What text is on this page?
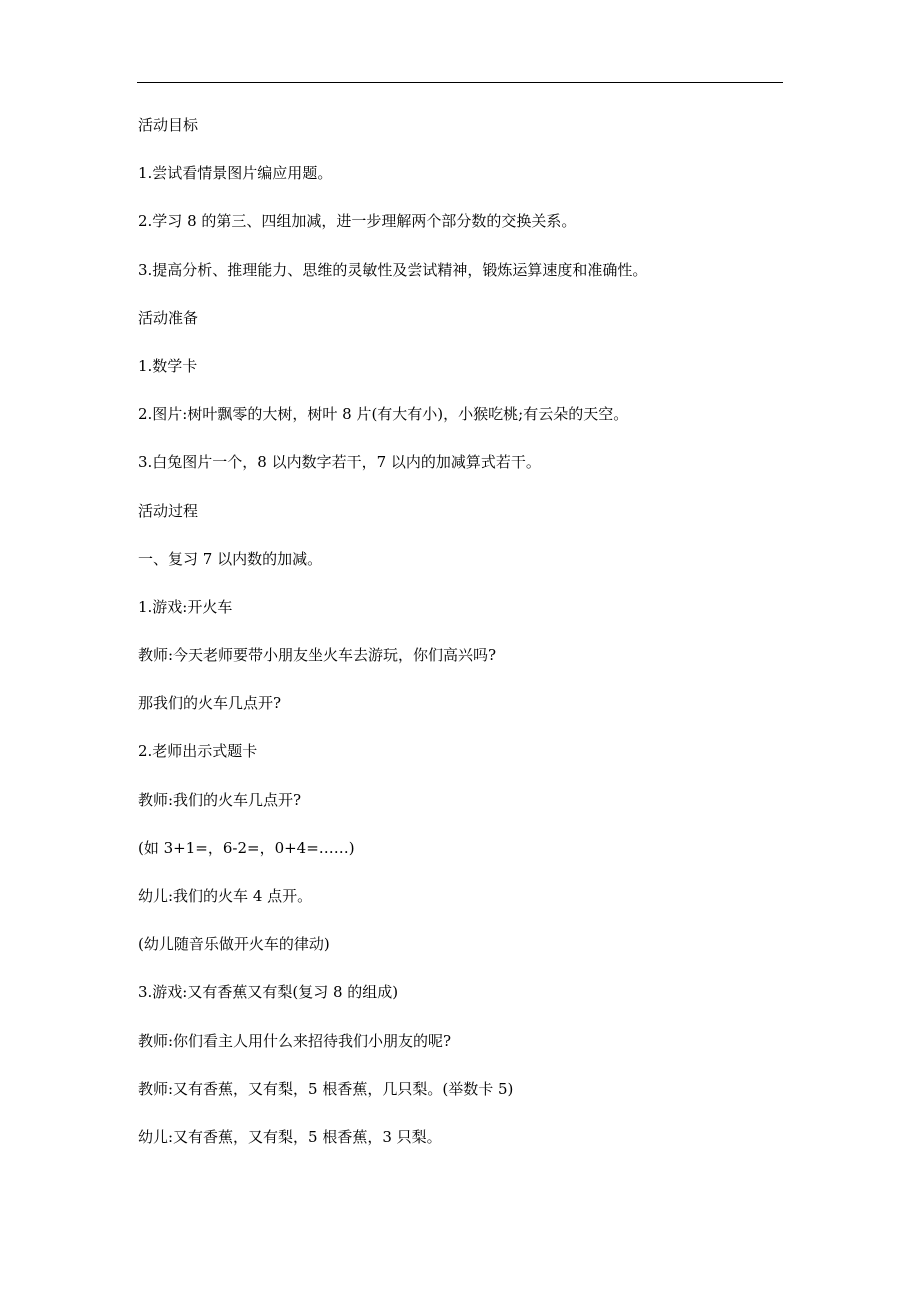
活动目标
1.尝试看情景图片编应用题。
2.学习 8 的第三、四组加减，进一步理解两个部分数的交换关系。
3.提高分析、推理能力、思维的灵敏性及尝试精神，锻炼运算速度和准确性。
活动准备
1.数学卡
2.图片:树叶飘零的大树，树叶 8 片(有大有小)，小猴吃桃;有云朵的天空。
3.白兔图片一个，8 以内数字若干，7 以内的加减算式若干。
活动过程
一、复习 7 以内数的加减。
1.游戏:开火车
教师:今天老师要带小朋友坐火车去游玩，你们高兴吗?
那我们的火车几点开?
2.老师出示式题卡
教师:我们的火车几点开?
(如 3+1=，6-2=，0+4=……)
幼儿:我们的火车 4 点开。
(幼儿随音乐做开火车的律动)
3.游戏:又有香蕉又有梨(复习 8 的组成)
教师:你们看主人用什么来招待我们小朋友的呢?
教师:又有香蕉，又有梨，5 根香蕉，几只梨。(举数卡 5)
幼儿:又有香蕉，又有梨，5 根香蕉，3 只梨。
